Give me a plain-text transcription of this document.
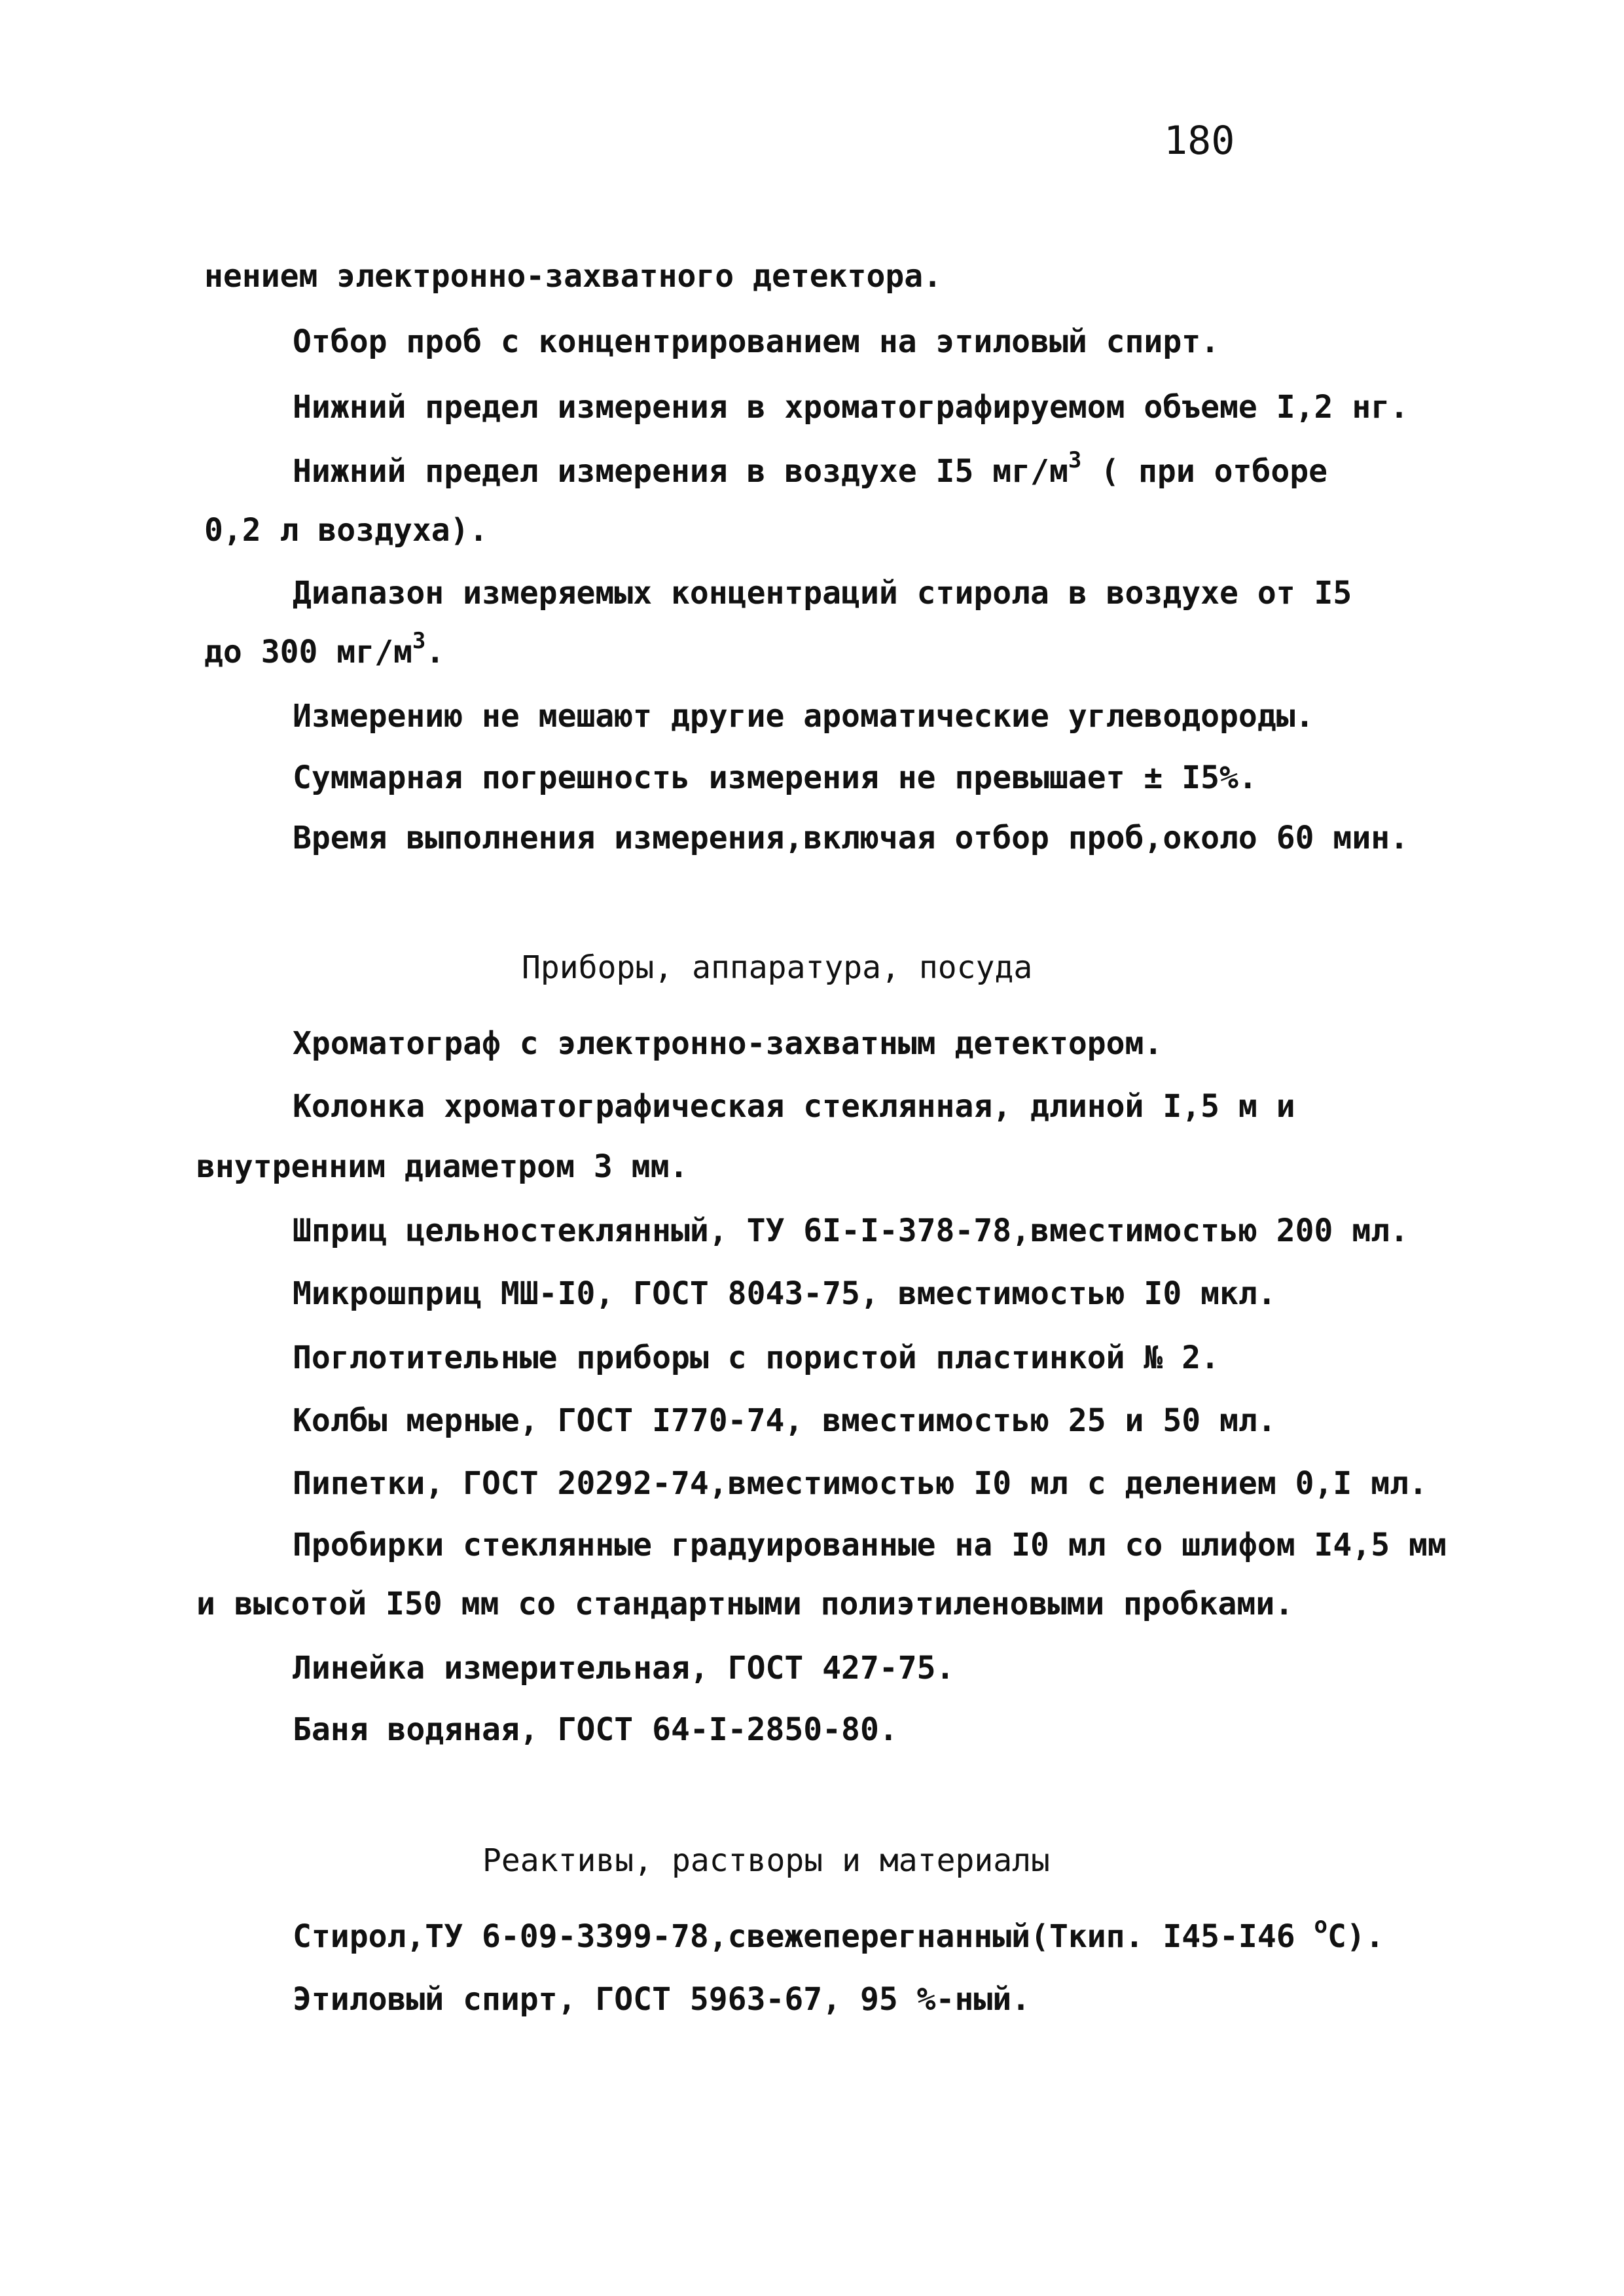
180
нением электронно-захватного детектора.
Отбор проб с концентрированием на этиловый спирт.
Нижний предел измерения в хроматографируемом объеме I,2 нг.
Нижний предел измерения в воздухе I5 $мг/м^3$ ( при отборе
0,2 л воздуха).
Диапазон измеряемых концентраций стирола в воздухе от I5
до 300 $мг/м^3$.
Измерению не мешают другие ароматические углеводороды.
Суммарная погрешность измерения не превышает ± I5%.
Время выполнения измерения,включая отбор проб,около 60 мин.
Приборы, аппаратура, посуда
Хроматограф с электронно-захватным детектором.
Колонка хроматографическая стеклянная, длиной I,5 м и
внутренним диаметром 3 мм.
Шприц цельностеклянный, ТУ 6I-I-378-78,вместимостью 200 мл.
Микрошприц МШ-I0, ГОСТ 8043-75, вместимостью I0 мкл.
Поглотительные приборы с пористой пластинкой № 2.
Колбы мерные, ГОСТ I770-74, вместимостью 25 и 50 мл.
Пипетки, ГОСТ 20292-74,вместимостью I0 мл с делением 0,I мл.
Пробирки стеклянные градуированные на I0 мл со шлифом I4,5 мм
и высотой I50 мм со стандартными полиэтиленовыми пробками.
Линейка измерительная, ГОСТ 427-75.
Баня водяная, ГОСТ 64-I-2850-80.
Реактивы, растворы и материалы
Стирол,ТУ 6-09-3399-78,свежеперегнанный(Ткип. I45-I46 $^о$С).
Этиловый спирт, ГОСТ 5963-67, 95 %-ный.
